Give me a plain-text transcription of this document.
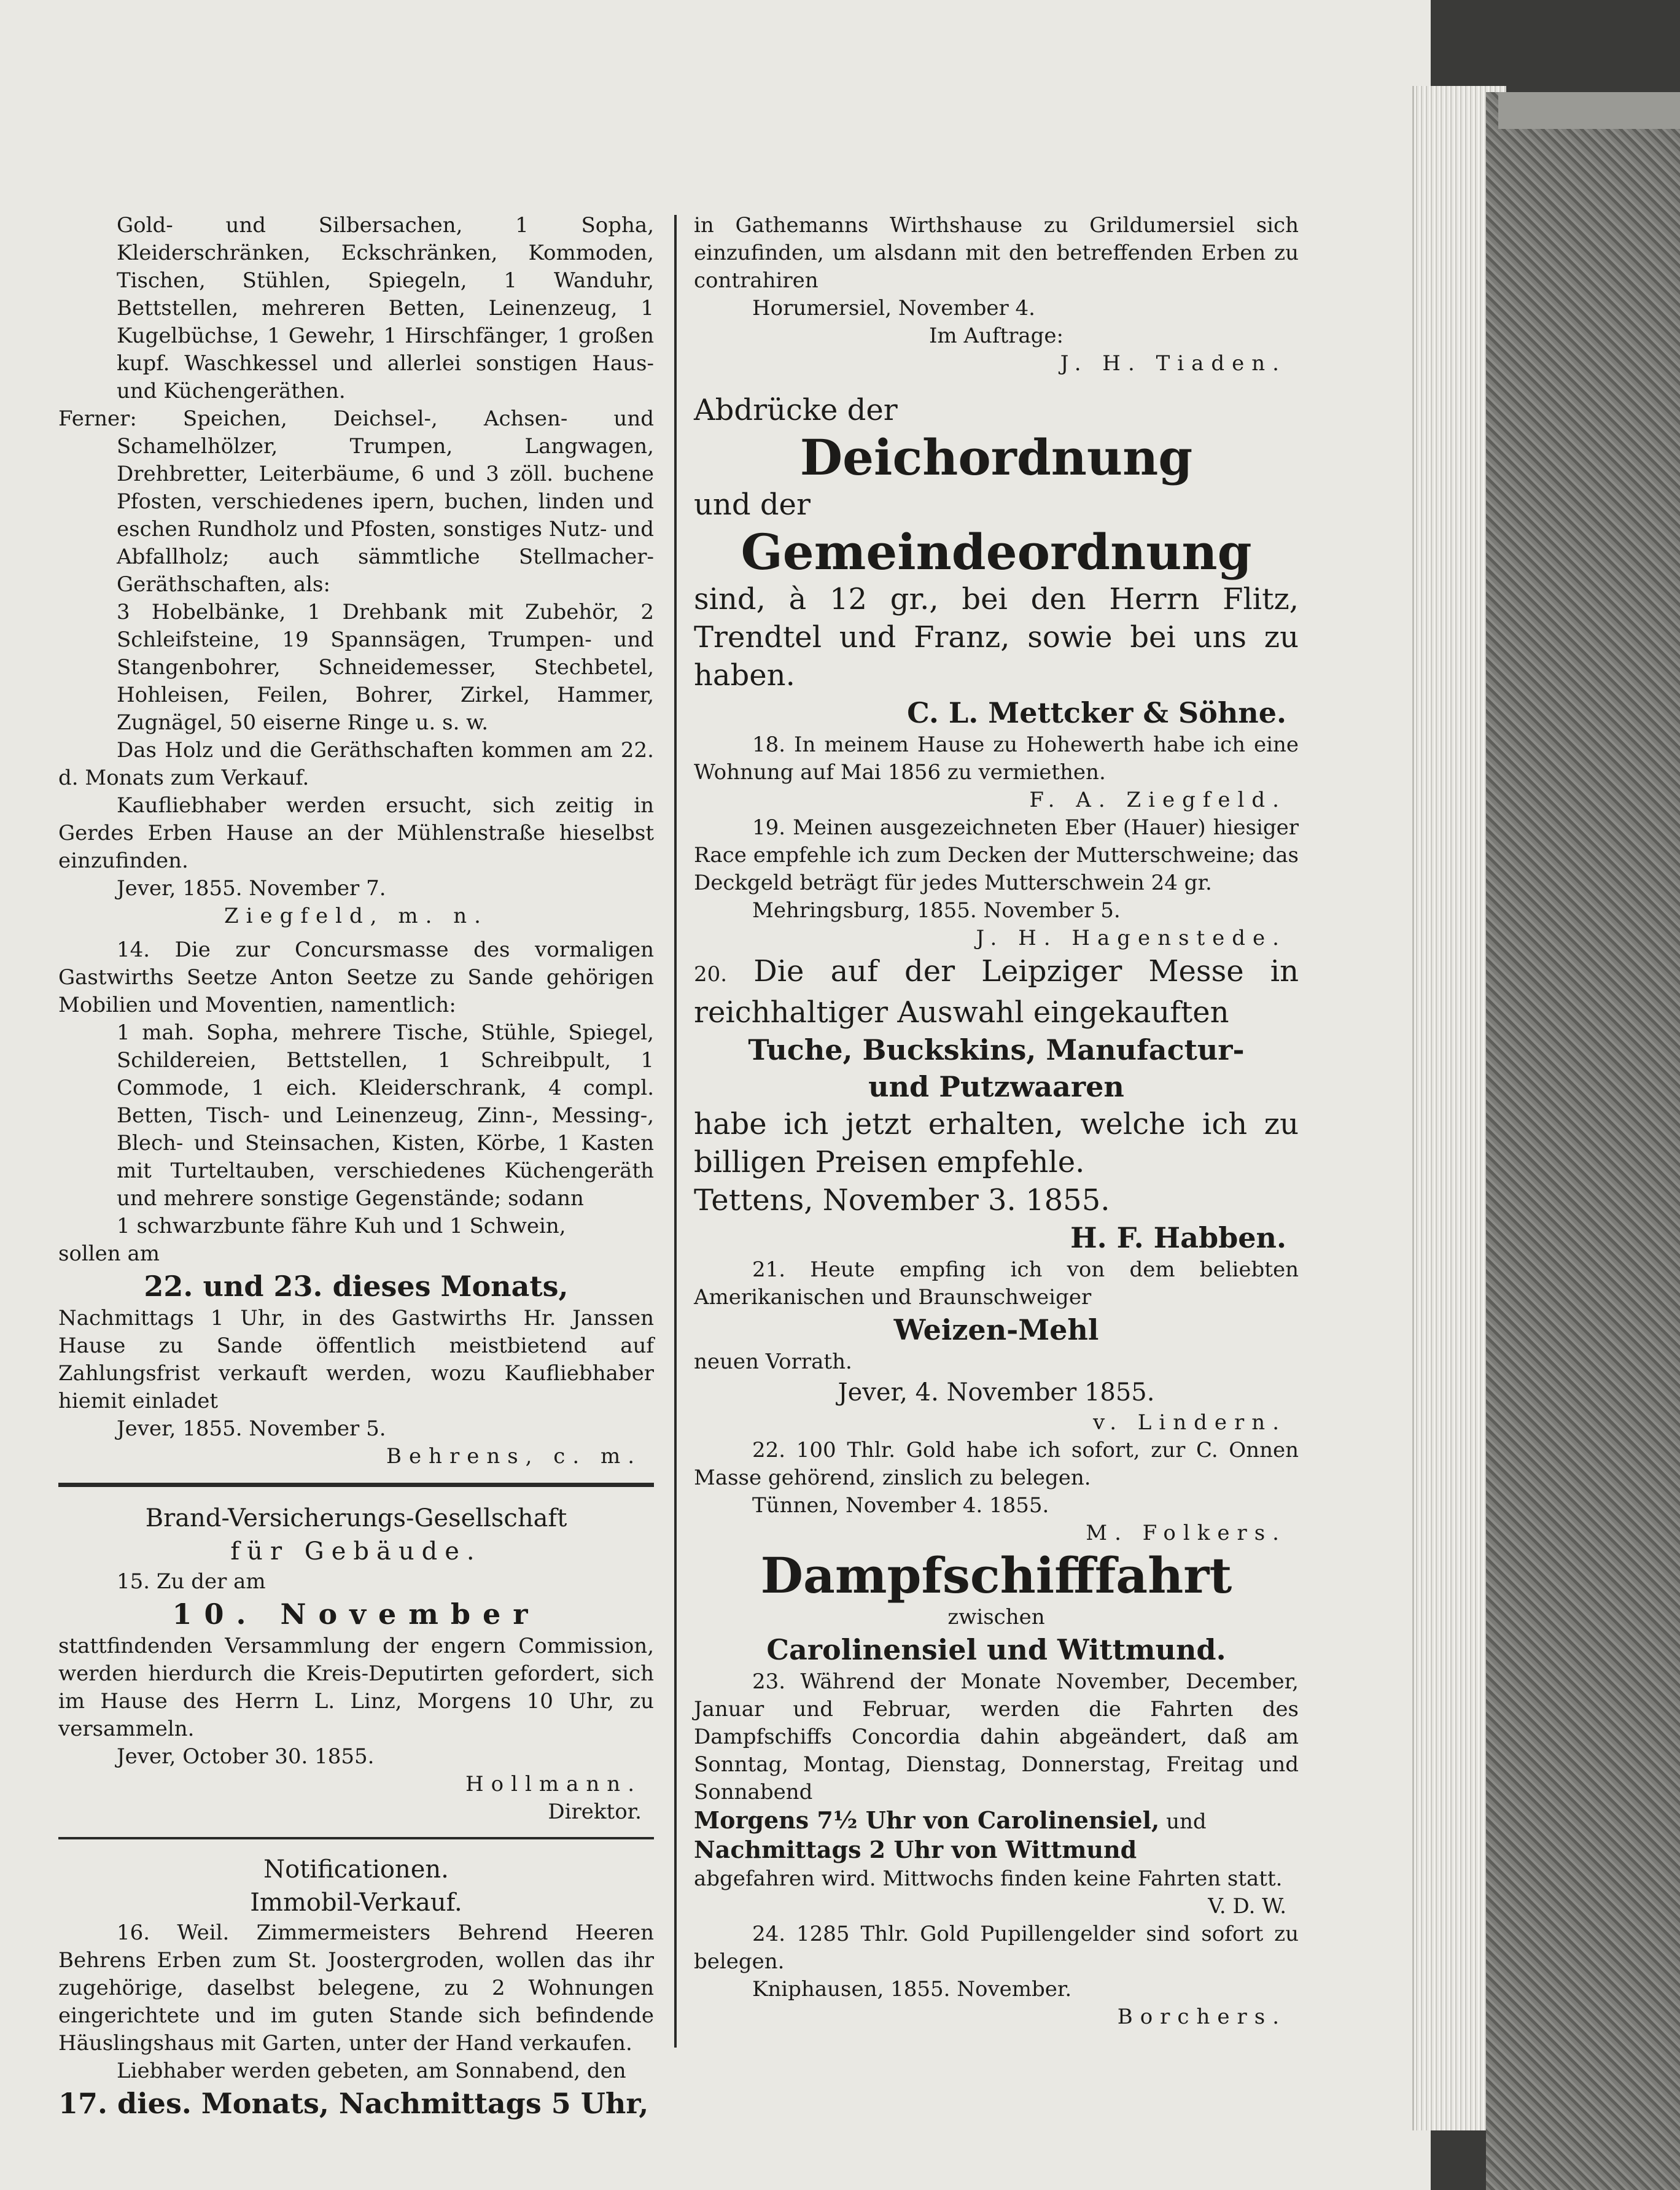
Gold- und Silbersachen, 1 Sopha, Kleiderschränken, Eckschränken, Kommoden, Tischen, Stühlen, Spiegeln, 1 Wanduhr, Bettstellen, mehreren Betten, Leinenzeug, 1 Kugelbüchse, 1 Gewehr, 1 Hirschfänger, 1 großen kupf. Waschkessel und allerlei sonstigen Haus- und Küchengeräthen.

Ferner: Speichen, Deichsel-, Achsen- und Schamelhölzer, Trumpen, Langwagen, Drehbretter, Leiterbäume, 6 und 3 zöll. buchene Pfosten, verschiedenes ipern, buchen, linden und eschen Rundholz und Pfosten, sonstiges Nutz- und Abfallholz; auch sämmtliche Stellmacher-Geräthschaften, als:

3 Hobelbänke, 1 Drehbank mit Zubehör, 2 Schleifsteine, 19 Spannsägen, Trumpen- und Stangenbohrer, Schneidemesser, Stechbetel, Hohleisen, Feilen, Bohrer, Zirkel, Hammer, Zugnägel, 50 eiserne Ringe u. s. w.

Das Holz und die Geräthschaften kommen am 22. d. Monats zum Verkauf.

Kaufliebhaber werden ersucht, sich zeitig in Gerdes Erben Hause an der Mühlenstraße hieselbst einzufinden.

Jever, 1855. November 7.

Ziegfeld, m. n.

14. Die zur Concursmasse des vormaligen Gastwirths Seetze Anton Seetze zu Sande gehörigen Mobilien und Moventien, namentlich:

1 mah. Sopha, mehrere Tische, Stühle, Spiegel, Schildereien, Bettstellen, 1 Schreibpult, 1 Commode, 1 eich. Kleiderschrank, 4 compl. Betten, Tisch- und Leinenzeug, Zinn-, Messing-, Blech- und Steinsachen, Kisten, Körbe, 1 Kasten mit Turteltauben, verschiedenes Küchengeräth und mehrere sonstige Gegenstände; sodann

1 schwarzbunte fähre Kuh und 1 Schwein,

sollen am

22. und 23. dieses Monats,

Nachmittags 1 Uhr, in des Gastwirths Hr. Janssen Hause zu Sande öffentlich meistbietend auf Zahlungsfrist verkauft werden, wozu Kaufliebhaber hiemit einladet

Jever, 1855. November 5.

Behrens, c. m.

Brand-Versicherungs-Gesellschaft

für Gebäude.

15. Zu der am

10. November

stattfindenden Versammlung der engern Commission, werden hierdurch die Kreis-Deputirten gefordert, sich im Hause des Herrn L. Linz, Morgens 10 Uhr, zu versammeln.

Jever, October 30. 1855.

Hollmann.

Direktor.

Notificationen.

Immobil-Verkauf.

16. Weil. Zimmermeisters Behrend Heeren Behrens Erben zum St. Joostergroden, wollen das ihr zugehörige, daselbst belegene, zu 2 Wohnungen eingerichtete und im guten Stande sich befindende Häuslingshaus mit Garten, unter der Hand verkaufen.

Liebhaber werden gebeten, am Sonnabend, den

17. dies. Monats, Nachmittags 5 Uhr,

in Gathemanns Wirthshause zu Grildumersiel sich einzufinden, um alsdann mit den betreffenden Erben zu contrahiren

Horumersiel, November 4.

Im Auftrage:

J. H. Tiaden.

Abdrücke der

Deichordnung

und der

Gemeindeordnung

sind, à 12 gr., bei den Herrn Flitz, Trendtel und Franz, sowie bei uns zu haben.

C. L. Mettcker & Söhne.

18. In meinem Hause zu Hohewerth habe ich eine Wohnung auf Mai 1856 zu vermiethen.

F. A. Ziegfeld.

19. Meinen ausgezeichneten Eber (Hauer) hiesiger Race empfehle ich zum Decken der Mutterschweine; das Deckgeld beträgt für jedes Mutterschwein 24 gr.

Mehringsburg, 1855. November 5.

J. H. Hagenstede.

20. Die auf der Leipziger Messe in reichhaltiger Auswahl eingekauften

Tuche, Buckskins, Manufactur-

und Putzwaaren

habe ich jetzt erhalten, welche ich zu billigen Preisen empfehle.

Tettens, November 3. 1855.

H. F. Habben.

21. Heute empfing ich von dem beliebten Amerikanischen und Braunschweiger

Weizen-Mehl

neuen Vorrath.

Jever, 4. November 1855.

v. Lindern.

22. 100 Thlr. Gold habe ich sofort, zur C. Onnen Masse gehörend, zinslich zu belegen.

Tünnen, November 4. 1855.

M. Folkers.

Dampfschifffahrt

zwischen

Carolinensiel und Wittmund.

23. Während der Monate November, December, Januar und Februar, werden die Fahrten des Dampfschiffs Concordia dahin abgeändert, daß am Sonntag, Montag, Dienstag, Donnerstag, Freitag und Sonnabend

Morgens 7½ Uhr von Carolinensiel, und

Nachmittags 2 Uhr von Wittmund

abgefahren wird. Mittwochs finden keine Fahrten statt.

V. D. W.

24. 1285 Thlr. Gold Pupillengelder sind sofort zu belegen.

Kniphausen, 1855. November.

Borchers.
